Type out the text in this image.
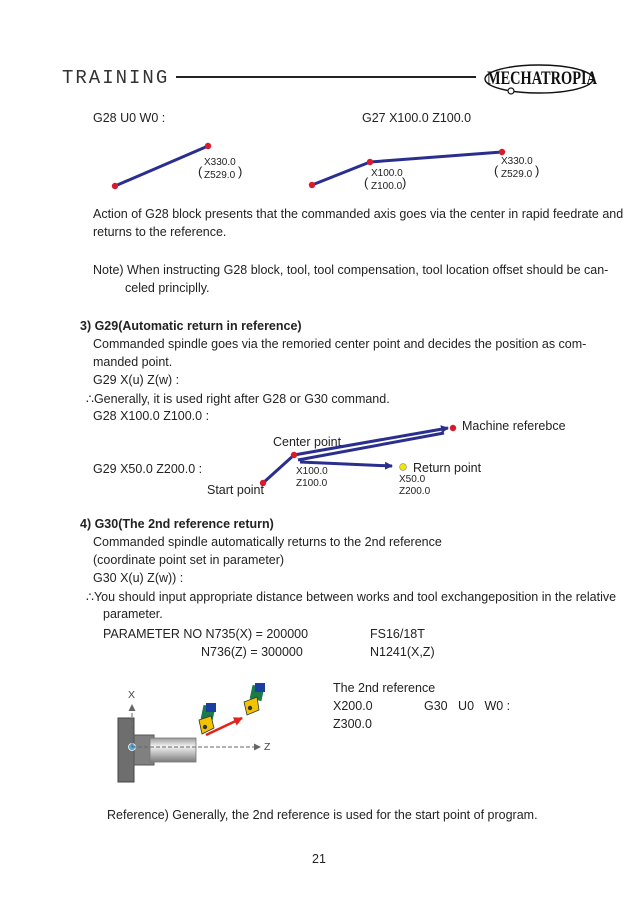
TRAINING	MECHATROPIA
G28 U0 W0 :	G27 X100.0 Z100.0
(	)
(	)
(	)
X330.0
Z529.0	X100.0
Z100.0
X330.0
Z529.0
Action of G28 block presents that the commanded axis goes via the center in rapid feedrate and
returns to the reference.
Note) When instructing G28 block, tool, tool compensation, tool location offset should be can-
celed principlly.
3) G29(Automatic return in reference)
Commanded spindle goes via the remoried center point and decides the position as com-
manded point.
G29 X(u) Z(w) :
∴Generally, it is used right after G28 or G30 command.
G28 X100.0 Z100.0 :
G29 X50.0 Z200.0 :
Machine referebce
Center point
Return point
Start point
X100.0
Z100.0	X50.0
Z200.0
4) G30(The 2nd reference return)
Commanded spindle automatically returns to the 2nd reference
(coordinate point set in parameter)
G30 X(u) Z(w)) :
∴You should input appropriate distance between works and tool exchangeposition in the relative
parameter.
PARAMETER NO N735(X) = 200000	FS16/18T
N736(Z) = 300000	N1241(X,Z)
X
Z
The 2nd reference
X200.0	G30   U0   W0 :
Z300.0
Reference) Generally, the 2nd reference is used for the start point of program.
21
